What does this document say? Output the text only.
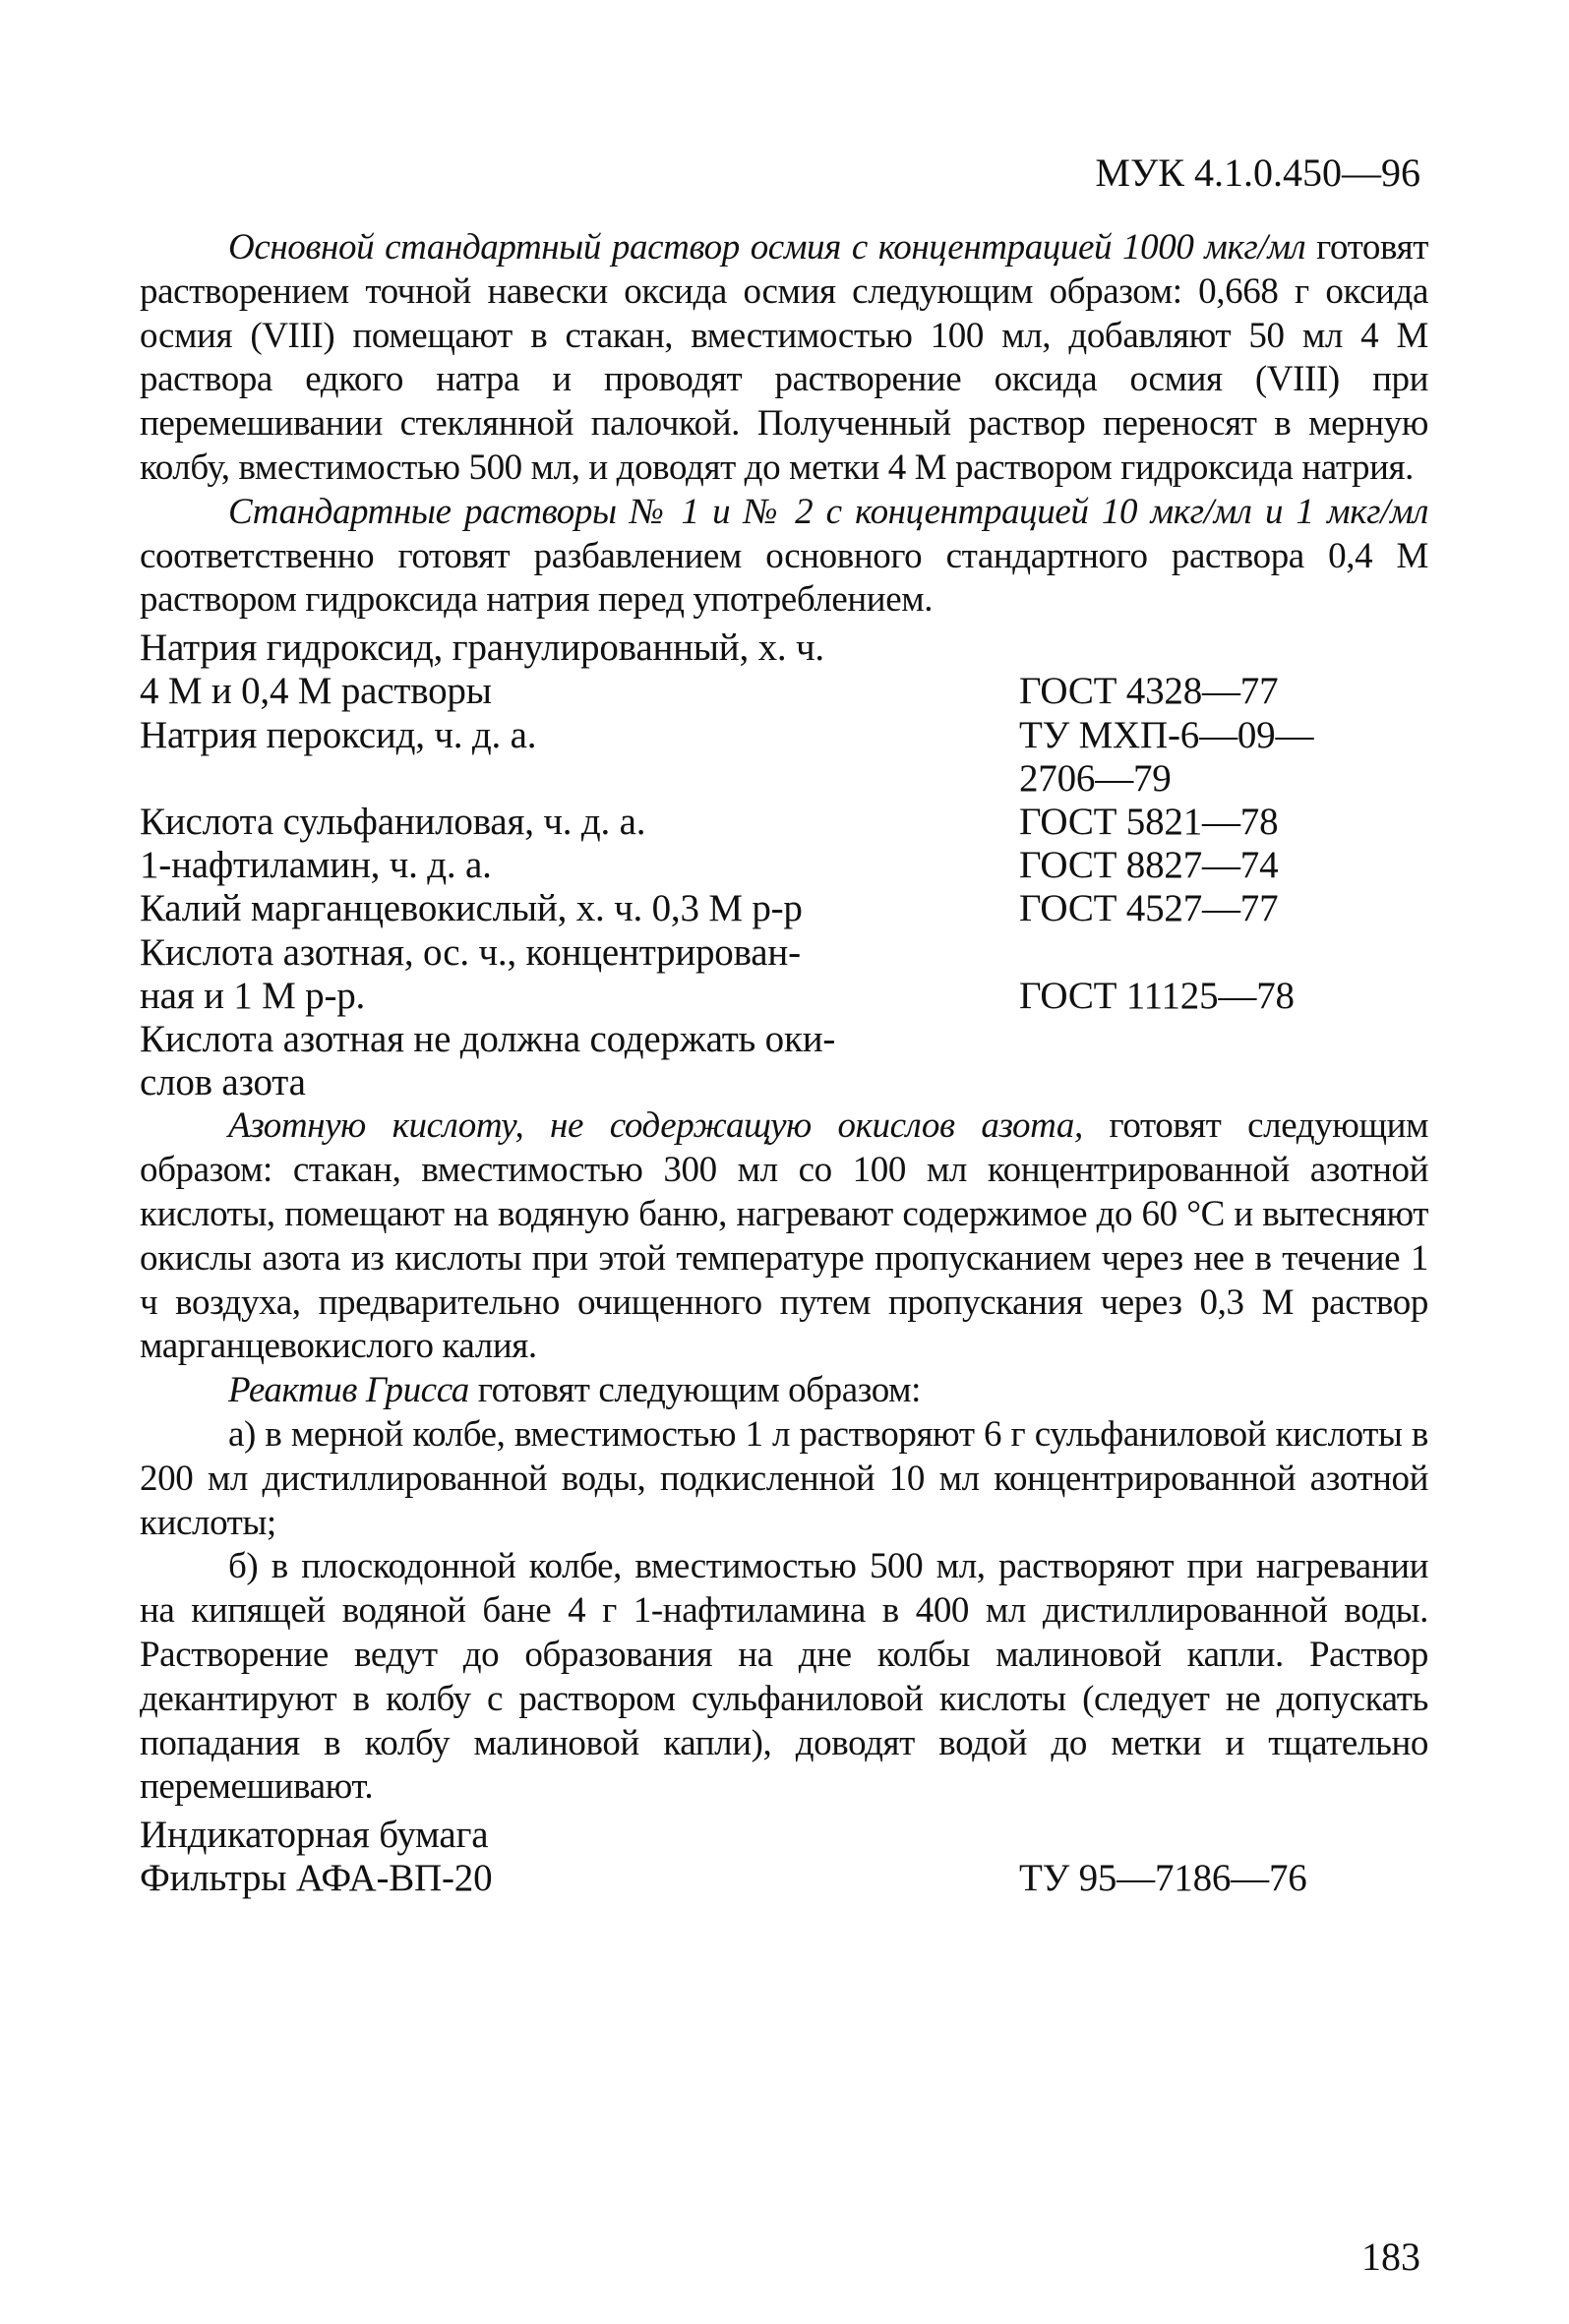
МУК 4.1.0.450—96

Основной стандартный раствор осмия с концентрацией 1000 мкг/мл готовят растворением точной навески оксида осмия следующим образом: 0,668 г оксида осмия (VIII) помещают в стакан, вместимостью 100 мл, добавляют 50 мл 4 М раствора едкого натра и проводят растворение оксида осмия (VIII) при перемешивании стеклянной палочкой. Полученный раствор переносят в мерную колбу, вместимостью 500 мл, и доводят до метки 4 М раствором гидроксида натрия.

Стандартные растворы № 1 и № 2 с концентрацией 10 мкг/мл и 1 мкг/мл соответственно готовят разбавлением основного стандартного раствора 0,4 М раствором гидроксида натрия перед употреблением.

Натрия гидроксид, гранулированный, х. ч.
4 М и 0,4 М растворы	ГОСТ 4328—77
Натрия пероксид, ч. д. а.	ТУ МХП-6—09—
2706—79
Кислота сульфаниловая, ч. д. а.	ГОСТ 5821—78
1-нафтиламин, ч. д. а.	ГОСТ 8827—74
Калий марганцевокислый, х. ч. 0,3 М р-р	ГОСТ 4527—77
Кислота азотная, ос. ч., концентрирован-
ная и 1 М р-р.	ГОСТ 11125—78
Кислота азотная не должна содержать оки-
слов азота

Азотную кислоту, не содержащую окислов азота, готовят следующим образом: стакан, вместимостью 300 мл со 100 мл концентрированной азотной кислоты, помещают на водяную баню, нагревают содержимое до 60 °С и вытесняют окислы азота из кислоты при этой температуре пропусканием через нее в течение 1 ч воздуха, предварительно очищенного путем пропускания через 0,3 М раствор марганцевокислого калия.

Реактив Грисса готовят следующим образом:

а) в мерной колбе, вместимостью 1 л растворяют 6 г сульфаниловой кислоты в 200 мл дистиллированной воды, подкисленной 10 мл концентрированной азотной кислоты;

б) в плоскодонной колбе, вместимостью 500 мл, растворяют при нагревании на кипящей водяной бане 4 г 1-нафтиламина в 400 мл дистиллированной воды. Растворение ведут до образования на дне колбы малиновой капли. Раствор декантируют в колбу с раствором сульфаниловой кислоты (следует не допускать попадания в колбу малиновой капли), доводят водой до метки и тщательно перемешивают.

Индикаторная бумага
Фильтры АФА-ВП-20	ТУ 95—7186—76
183
